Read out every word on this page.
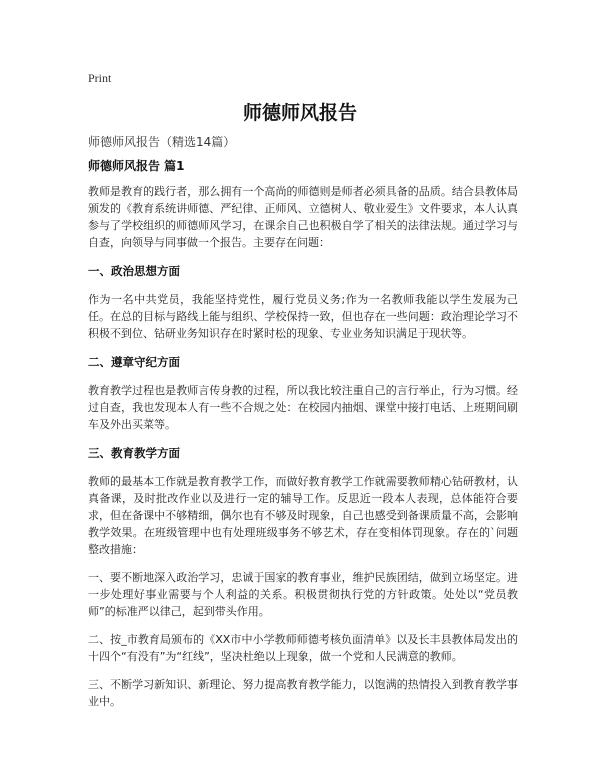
Print
师德师风报告
师德师风报告（精选14篇）
师德师风报告 篇1

教师是教育的践行者，那么拥有一个高尚的师德则是师者必须具备的品质。结合县教体局颁发的《教育系统讲师德、严纪律、正师风、立德树人、敬业爱生》文件要求，本人认真参与了学校组织的师德师风学习，在课余自己也积极自学了相关的法律法规。通过学习与自查，向领导与同事做一个报告。主要存在问题：

一、政治思想方面

作为一名中共党员，我能坚持党性，履行党员义务;作为一名教师我能以学生发展为己任。在总的目标与路线上能与组织、学校保持一致，但也存在一些问题：政治理论学习不积极不到位、钻研业务知识存在时紧时松的现象、专业业务知识满足于现状等。

二、遵章守纪方面

教育教学过程也是教师言传身教的过程，所以我比较注重自己的言行举止，行为习惯。经过自查，我也发现本人有一些不合规之处：在校园内抽烟、课堂中接打电话、上班期间刷车及外出买菜等。

三、教育教学方面

教师的最基本工作就是教育教学工作，而做好教育教学工作就需要教师精心钻研教材，认真备课，及时批改作业以及进行一定的辅导工作。反思近一段本人表现，总体能符合要求，但在备课中不够精细，偶尔也有不够及时现象，自己也感受到备课质量不高，会影响教学效果。在班级管理中也有处理班级事务不够艺术，存在变相体罚现象。存在的`问题整改措施：

一、要不断地深入政治学习，忠诚于国家的教育事业，维护民族团结，做到立场坚定。进一步处理好事业需要与个人利益的关系。积极贯彻执行党的方针政策。处处以“党员教师”的标准严以律己，起到带头作用。

二、按_市教育局颁布的《XX市中小学教师师德考核负面清单》以及长丰县教体局发出的十四个“有没有”为“红线”，坚决杜绝以上现象，做一个党和人民满意的教师。

三、不断学习新知识、新理论、努力提高教育教学能力，以饱满的热情投入到教育教学事业中。
